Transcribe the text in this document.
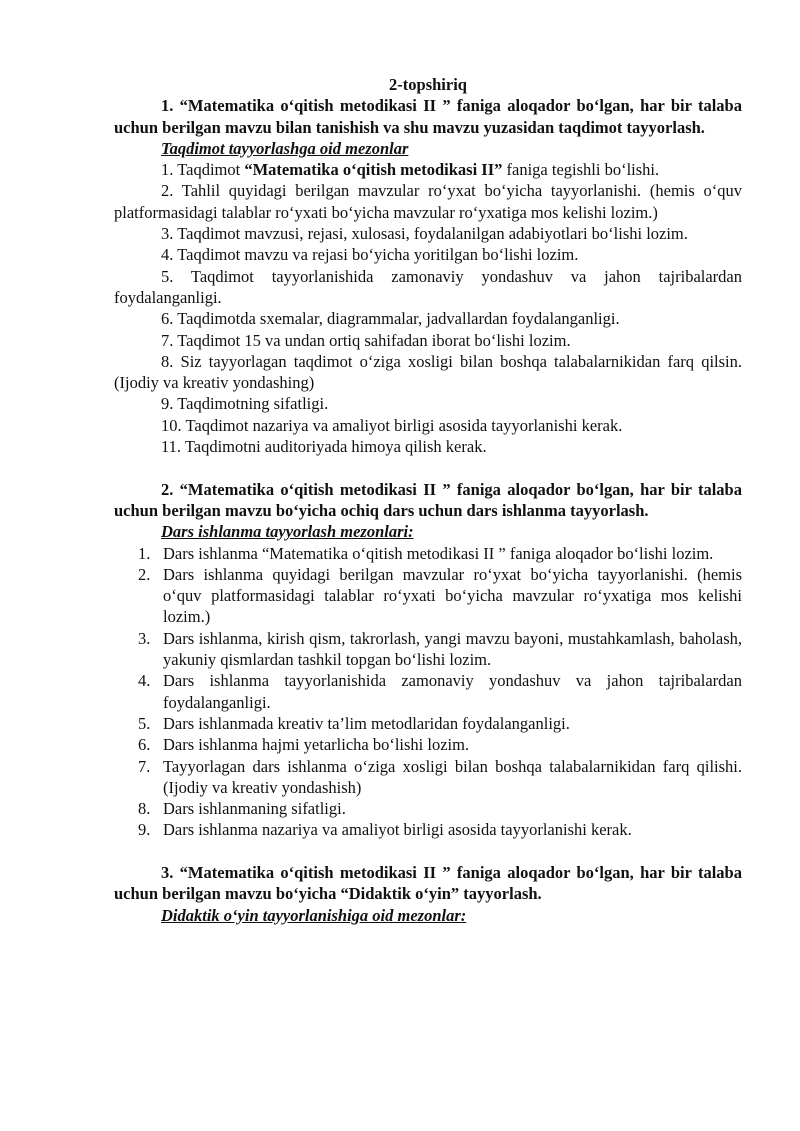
2-topshiriq

1. “Matematika o‘qitish metodikasi II ” faniga aloqador bo‘lgan, har bir talaba uchun berilgan mavzu bilan tanishish va shu mavzu yuzasidan taqdimot tayyorlash.

Taqdimot tayyorlashga oid mezonlar

1. Taqdimot “Matematika o‘qitish metodikasi II” faniga tegishli bo‘lishi.

2. Tahlil quyidagi berilgan mavzular ro‘yxat bo‘yicha tayyorlanishi. (hemis o‘quv platformasidagi talablar ro‘yxati bo‘yicha mavzular ro‘yxatiga mos kelishi lozim.)

3. Taqdimot mavzusi, rejasi, xulosasi, foydalanilgan adabiyotlari bo‘lishi lozim.

4. Taqdimot mavzu va rejasi bo‘yicha yoritilgan bo‘lishi lozim.

5. Taqdimot tayyorlanishida zamonaviy yondashuv va jahon tajribalardan foydalanganligi.

6. Taqdimotda sxemalar, diagrammalar, jadvallardan foydalanganligi.

7. Taqdimot 15 va undan ortiq sahifadan iborat bo‘lishi lozim.

8. Siz tayyorlagan taqdimot o‘ziga xosligi bilan boshqa talabalarnikidan farq qilsin. (Ijodiy va kreativ yondashing)

9. Taqdimotning sifatligi.

10. Taqdimot nazariya va amaliyot birligi asosida tayyorlanishi kerak.

11. Taqdimotni auditoriyada himoya qilish kerak.

2. “Matematika o‘qitish metodikasi II ” faniga aloqador bo‘lgan, har bir talaba uchun berilgan mavzu bo‘yicha ochiq dars uchun dars ishlanma tayyorlash.

Dars ishlanma tayyorlash mezonlari:

1. Dars ishlanma “Matematika o‘qitish metodikasi II ” faniga aloqador bo‘lishi lozim.
2. Dars ishlanma quyidagi berilgan mavzular ro‘yxat bo‘yicha tayyorlanishi. (hemis o‘quv platformasidagi talablar ro‘yxati bo‘yicha mavzular ro‘yxatiga mos kelishi lozim.)
3. Dars ishlanma, kirish qism, takrorlash, yangi mavzu bayoni, mustahkamlash, baholash, yakuniy qismlardan tashkil topgan bo‘lishi lozim.
4. Dars ishlanma tayyorlanishida zamonaviy yondashuv va jahon tajribalardan foydalanganligi.
5. Dars ishlanmada kreativ ta’lim metodlaridan foydalanganligi.
6. Dars ishlanma hajmi yetarlicha bo‘lishi lozim.
7. Tayyorlagan dars ishlanma o‘ziga xosligi bilan boshqa talabalarnikidan farq qilishi. (Ijodiy va kreativ yondashish)
8. Dars ishlanmaning sifatligi.
9. Dars ishlanma nazariya va amaliyot birligi asosida tayyorlanishi kerak.

3. “Matematika o‘qitish metodikasi II ” faniga aloqador bo‘lgan, har bir talaba uchun berilgan mavzu bo‘yicha “Didaktik o‘yin” tayyorlash.

Didaktik o‘yin tayyorlanishiga oid mezonlar:
